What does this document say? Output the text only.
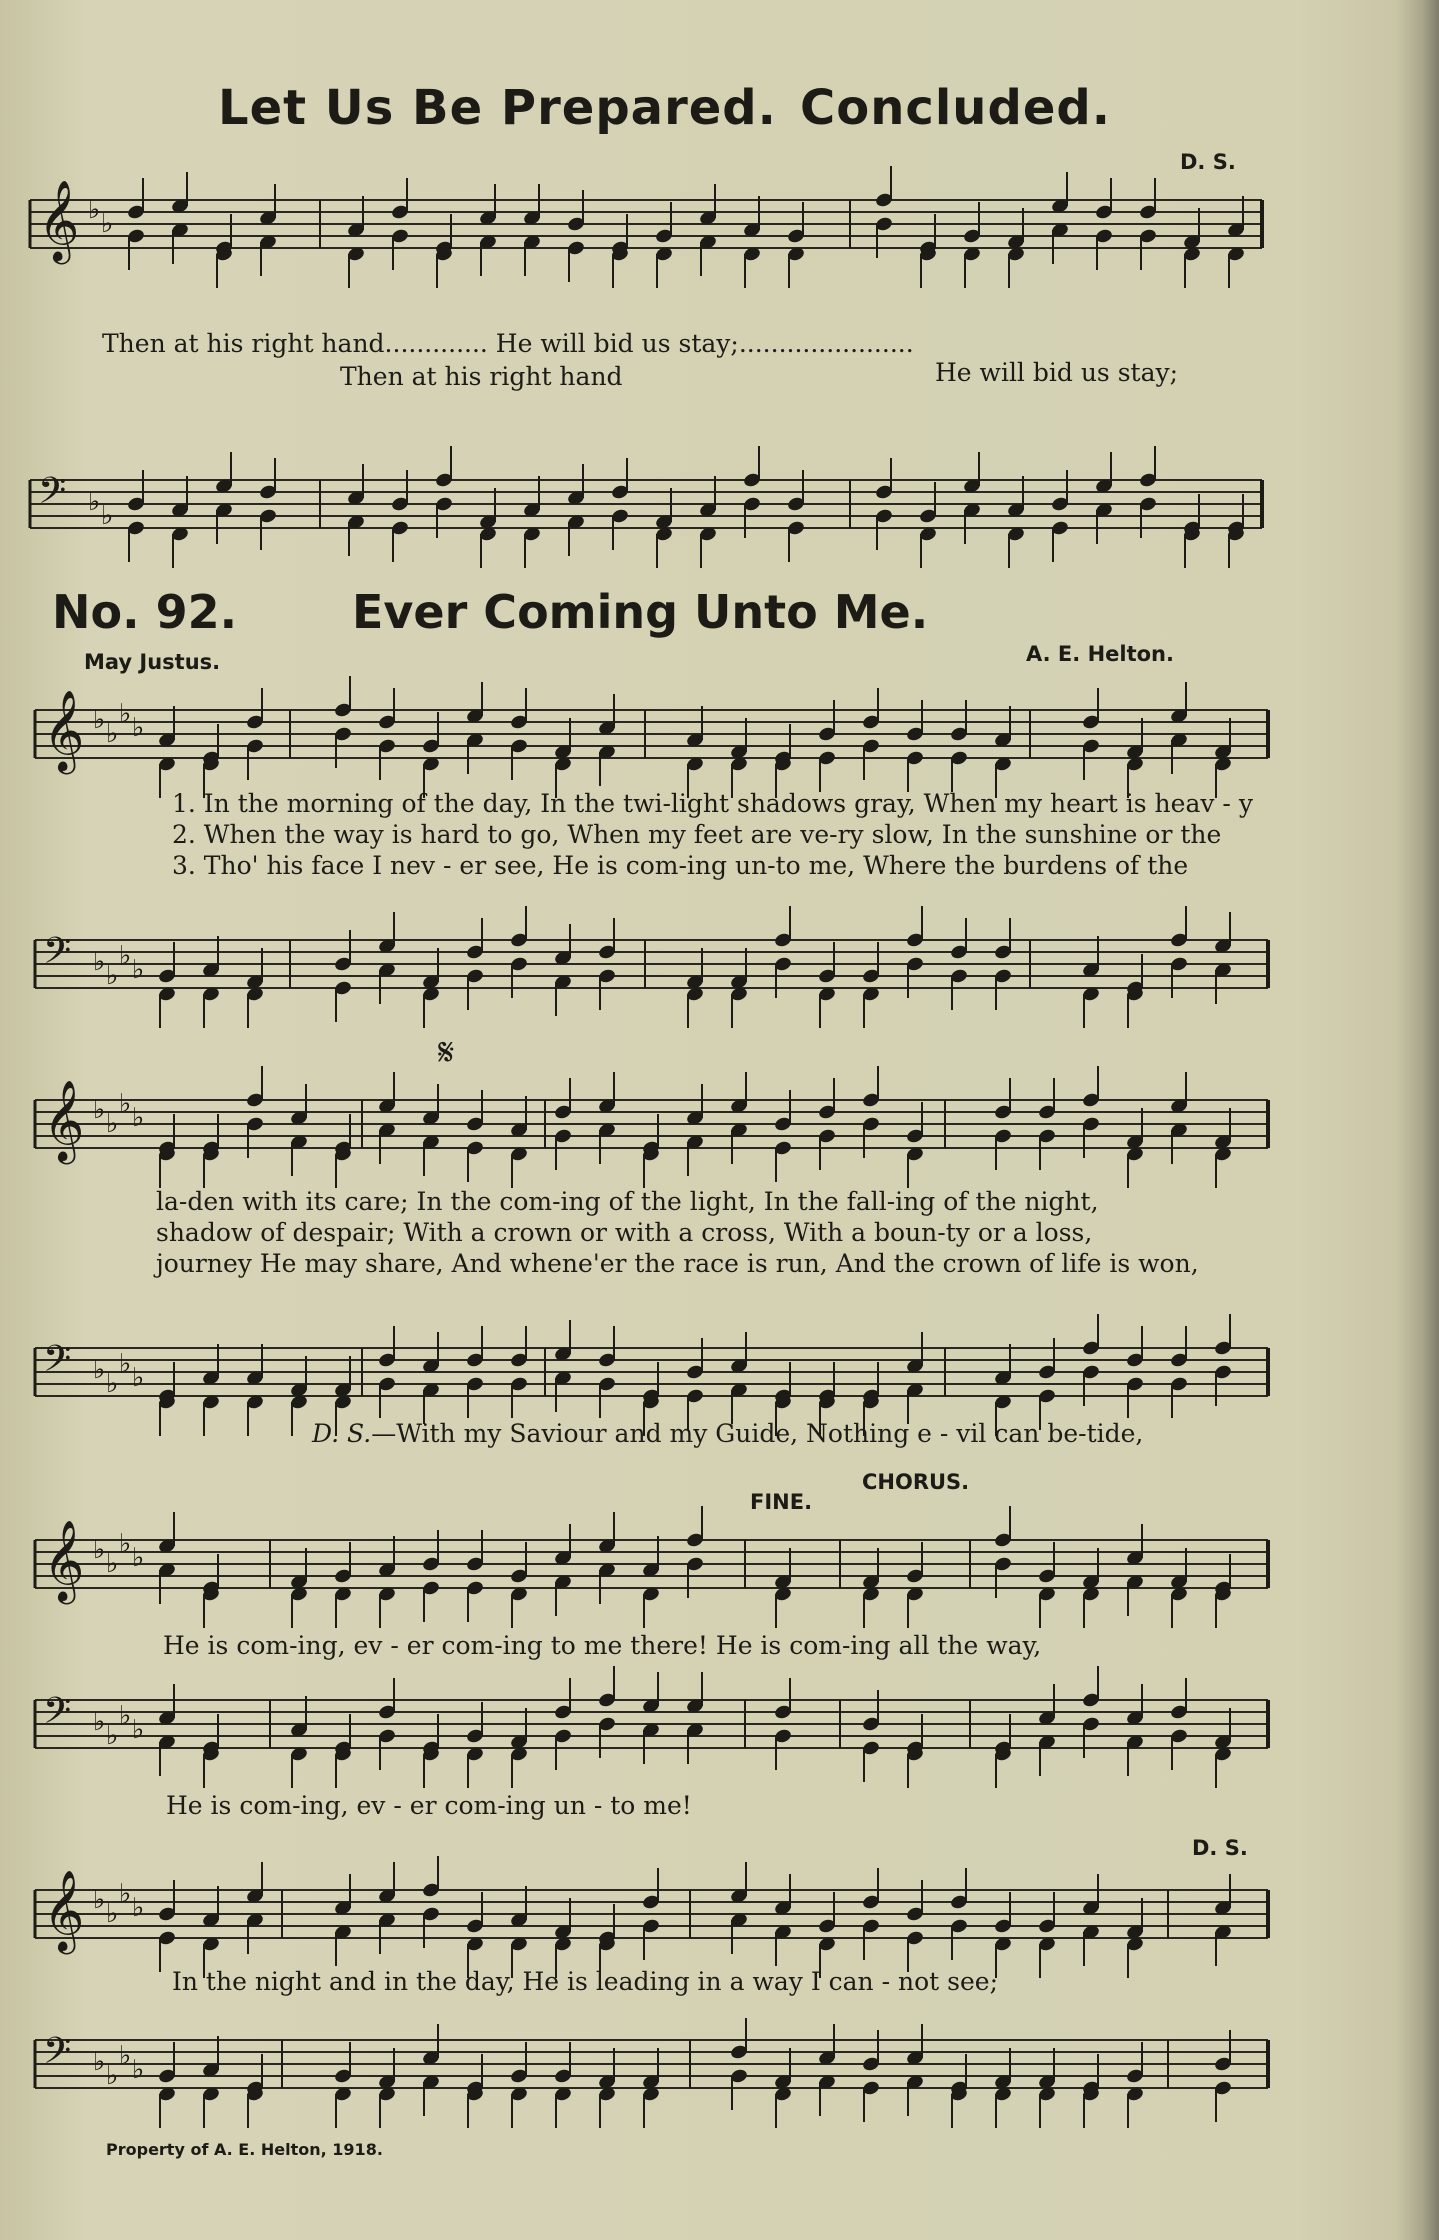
Let Us Be Prepared. Concluded.
D. S.
Then at his right hand............. He will bid us stay;......................
Then at his right hand	He will bid us stay;
𝄞 ♭ ♭
𝄢 ♭ ♭
No. 92. Ever Coming Unto Me.
May Justus.	A. E. Helton.
𝄞 ♭ ♭
♭ ♭
1. In the morning of the day, In the twi-light shadows gray, When my heart is heav - y
2. When the way is hard to go, When my feet are ve-ry slow, In the sunshine or the
3. Tho' his face I nev - er see, He is com-ing un-to me, Where the burdens of the
𝄢 ♭ ♭
♭ ♭
𝄋
𝄞 ♭ ♭
♭ ♭
la-den with its care; In the com-ing of the light, In the fall-ing of the night,
shadow of despair; With a crown or with a cross, With a boun-ty or a loss,
journey He may share, And whene'er the race is run, And the crown of life is won,
𝄢 ♭ ♭
♭ ♭
D. S.—With my Saviour and my Guide, Nothing e - vil can be-tide,
FINE.
CHORUS.
𝄞 ♭ ♭
♭ ♭
He is com-ing, ev - er com-ing to me there! He is com-ing all the way,
𝄢 ♭ ♭
♭ ♭
He is com-ing, ev - er com-ing un - to me!
D. S.
𝄞 ♭ ♭
♭ ♭
In the night and in the day, He is leading in a way I can - not see;
𝄢 ♭ ♭
♭ ♭
Property of A. E. Helton, 1918.
